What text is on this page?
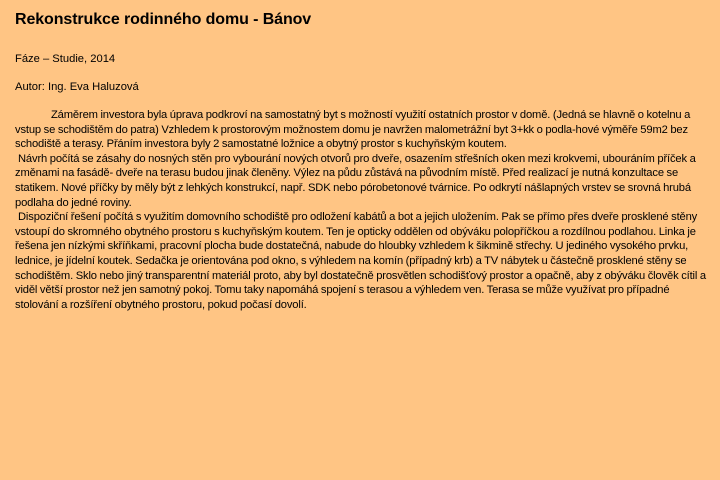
Rekonstrukce rodinného domu - Bánov

Fáze – Studie, 2014

Autor: Ing. Eva Haluzová

Záměrem investora byla úprava podkroví na samostatný byt s možností využití ostatních prostor v domě. (Jedná se hlavně o kotelnu a vstup se schodištěm do patra) Vzhledem k prostorovým možnostem domu je navržen malometrážní byt 3+kk o podla-hové výměře 59m2 bez schodiště a terasy. Přáním investora byly 2 samostatné ložnice a obytný prostor s kuchyňským koutem.

Návrh počítá se zásahy do nosných stěn pro vybourání nových otvorů pro dveře, osazením střešních oken mezi krokvemi, ubouráním příček a změnami na fasádě- dveře na terasu budou jinak členěny. Výlez na půdu zůstává na původním místě. Před realizací je nutná konzultace se statikem. Nové příčky by měly být z lehkých konstrukcí, např. SDK nebo pórobetonové tvárnice. Po odkrytí nášlapných vrstev se srovná hrubá podlaha do jedné roviny.

Dispoziční řešení počítá s využitím domovního schodiště pro odložení kabátů a bot a jejich uložením. Pak se přímo přes dveře prosklené stěny vstoupí do skromného obytného prostoru s kuchyňským koutem. Ten je opticky oddělen od obýváku polopříčkou a rozdílnou podlahou. Linka je řešena jen nízkými skříňkami, pracovní plocha bude dostatečná, nabude do hloubky vzhledem k šikmině střechy. U jediného vysokého prvku, lednice, je jídelní koutek. Sedačka je orientována pod okno, s výhledem na komín (případný krb) a TV nábytek u částečně prosklené stěny se schodištěm. Sklo nebo jiný transparentní materiál proto, aby byl dostatečně prosvětlen schodišťový prostor a opačně, aby z obýváku člověk cítil a viděl větší prostor než jen samotný pokoj. Tomu taky napomáhá spojení s terasou a výhledem ven. Terasa se může využívat pro případné stolování a rozšíření obytného prostoru, pokud počasí dovolí.
